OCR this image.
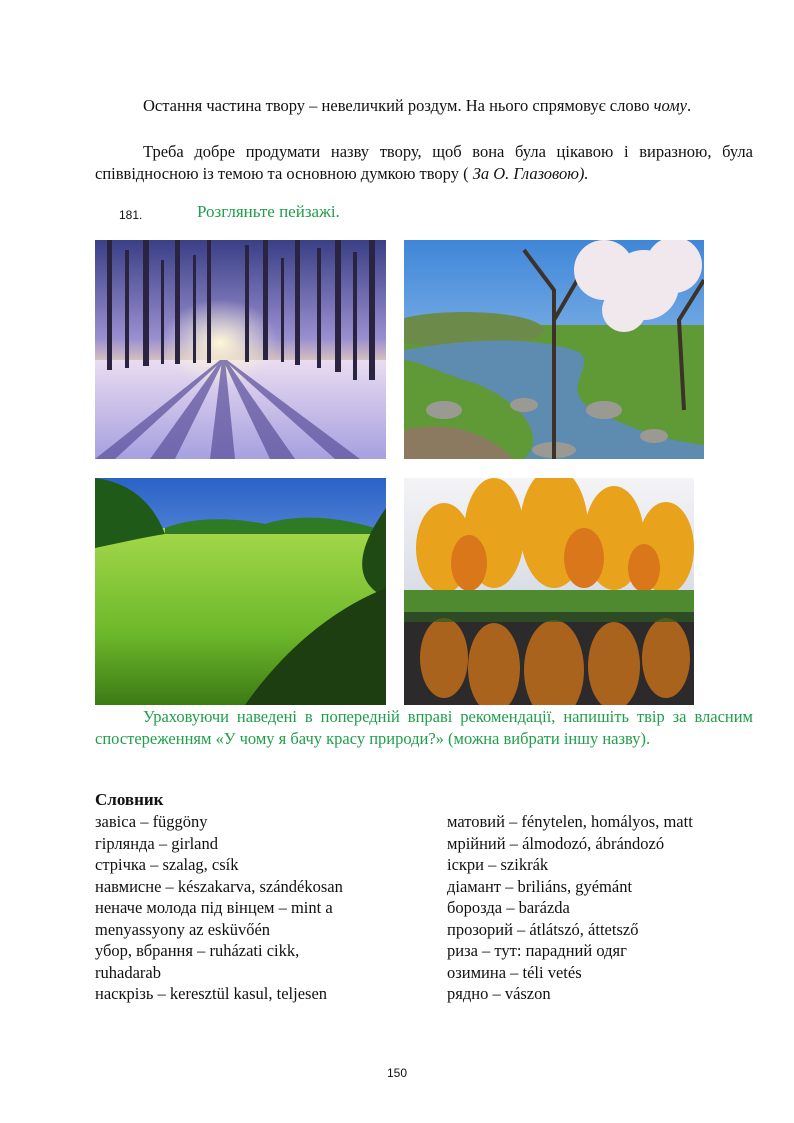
Остання частина твору – невеличкий роздум. На нього спрямовує слово чому.

Треба добре продумати назву твору, щоб вона була цікавою і виразною, була співвідносною із темою та основною думкою твору ( За О. Глазовою).

181.	Розгляньте пейзажі.

Ураховуючи наведені в попередній вправі рекомендації, напишіть твір за власним спостереженням «У чому я бачу красу природи?» (можна вибрати іншу назву).

Словник
завіса – függöny
гірлянда – girland
стрічка – szalag, csík
навмисне – készakarva, szándékosan
неначе молода під вінцем – mint a
menyassyony az esküvőén
убор, вбрання – ruházati cikk,
ruhadarab
наскрізь – keresztül kasul, teljesen
матовий – fénytelen, homályos, matt
мрійний – álmodozó, ábrándozó
іскри – szikrák
діамант – briliáns, gyémánt
борозда – barázda
прозорий – átlátszó, áttetsző
риза – тут: парадний одяг
озимина – téli vetés
рядно – vászon
150
